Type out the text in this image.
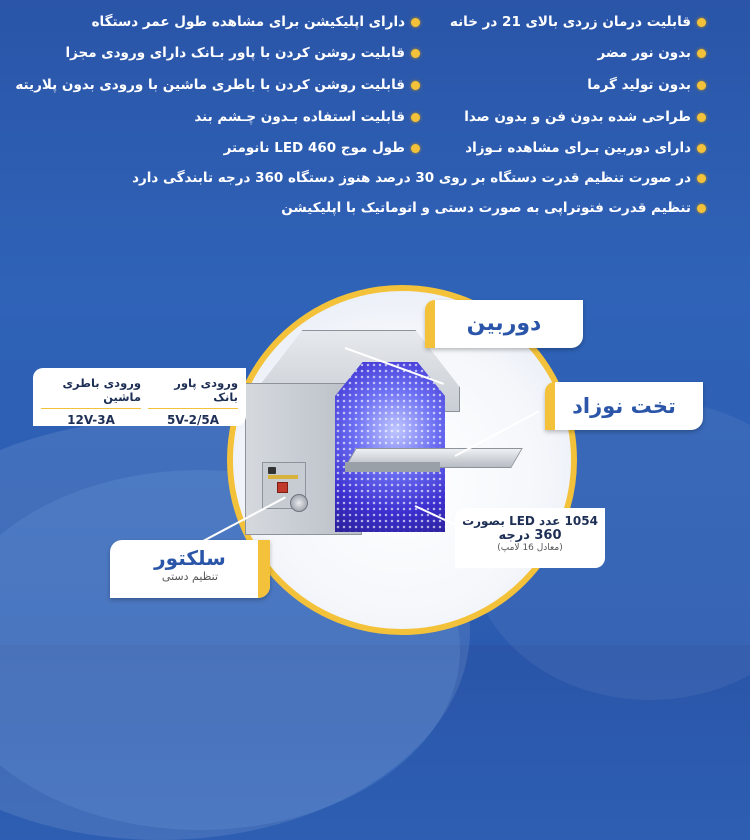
قابلیت درمان زردی بالای 21 در خانه
بدون نور مضر
بدون تولید گرما
طراحی شده بدون فن و بدون صدا
دارای دوربین بـرای مشاهده نـوزاد
دارای اپلیکیشن برای مشاهده طول عمر دستگاه
قابلیت روشن کردن با پاور بـانک دارای ورودی مجزا
قابلیت روشن کردن با باطری ماشین با ورودی بدون پلاریته
قابلیت استفاده بـدون چـشم بند
طول موج LED 460 نانومتر
در صورت تنظیم قدرت دستگاه بر روی 30 درصد هنوز دستگاه 360 درجه تابندگی دارد
تنظیم قدرت فتوتراپی به صورت دستی و اتوماتیک با اپلیکیشن
دوربین
تخت نوزاد
سلکتور
تنظیم دستی
ورودی پاور بانک
5V-2/5A
ورودی باطری ماشین
12V-3A
1054 عدد LED بصورت
360 درجه
(معادل 16 لامپ)
